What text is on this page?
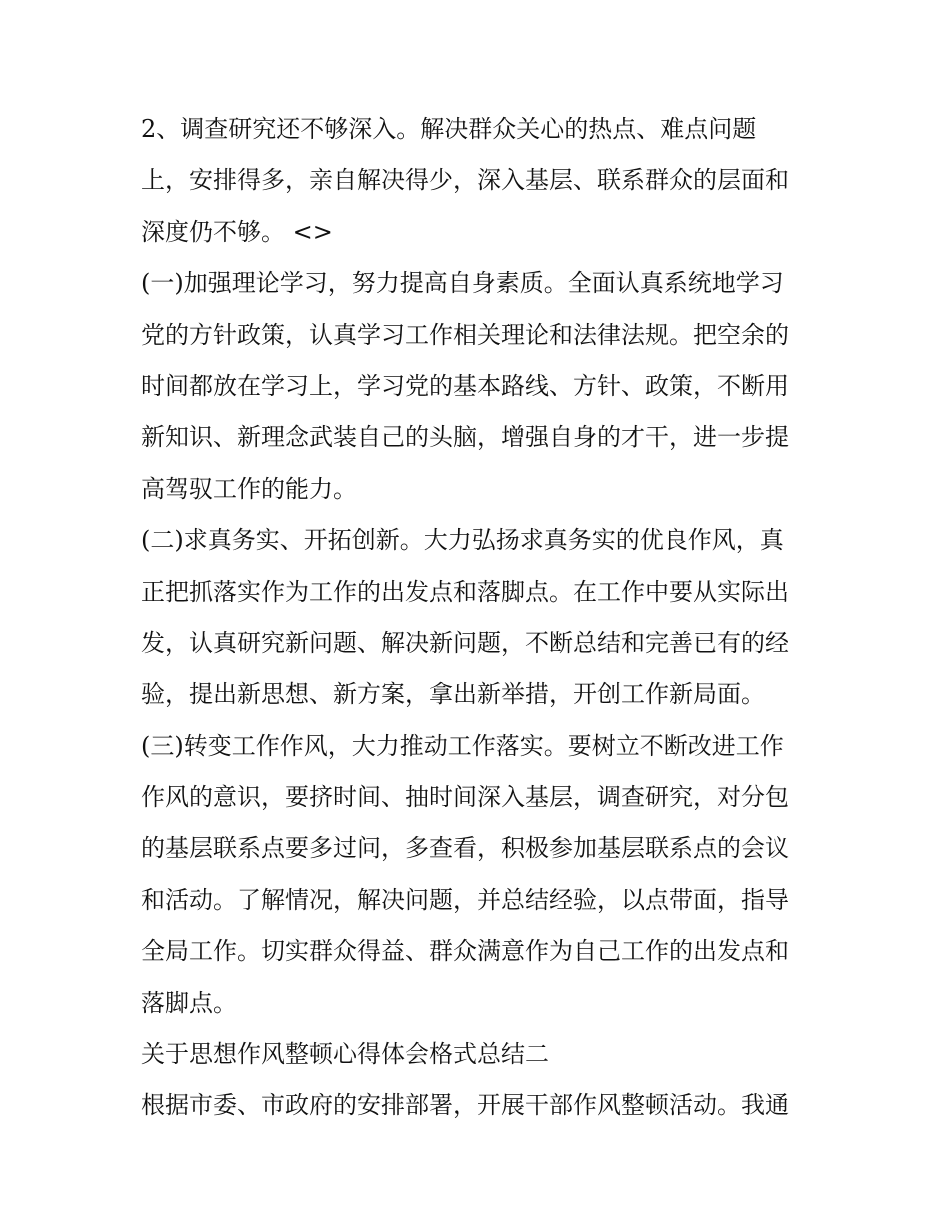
2、调查研究还不够深入。解决群众关心的热点、难点问题
上，安排得多，亲自解决得少，深入基层、联系群众的层面和
深度仍不够。 <>
(一)加强理论学习，努力提高自身素质。全面认真系统地学习
党的方针政策，认真学习工作相关理论和法律法规。把空余的
时间都放在学习上，学习党的基本路线、方针、政策，不断用
新知识、新理念武装自己的头脑，增强自身的才干，进一步提
高驾驭工作的能力。
(二)求真务实、开拓创新。大力弘扬求真务实的优良作风，真
正把抓落实作为工作的出发点和落脚点。在工作中要从实际出
发，认真研究新问题、解决新问题，不断总结和完善已有的经
验，提出新思想、新方案，拿出新举措，开创工作新局面。
(三)转变工作作风，大力推动工作落实。要树立不断改进工作
作风的意识，要挤时间、抽时间深入基层，调查研究，对分包
的基层联系点要多过问，多查看，积极参加基层联系点的会议
和活动。了解情况，解决问题，并总结经验，以点带面，指导
全局工作。切实群众得益、群众满意作为自己工作的出发点和
落脚点。
关于思想作风整顿心得体会格式总结二
根据市委、市政府的安排部署，开展干部作风整顿活动。我通
